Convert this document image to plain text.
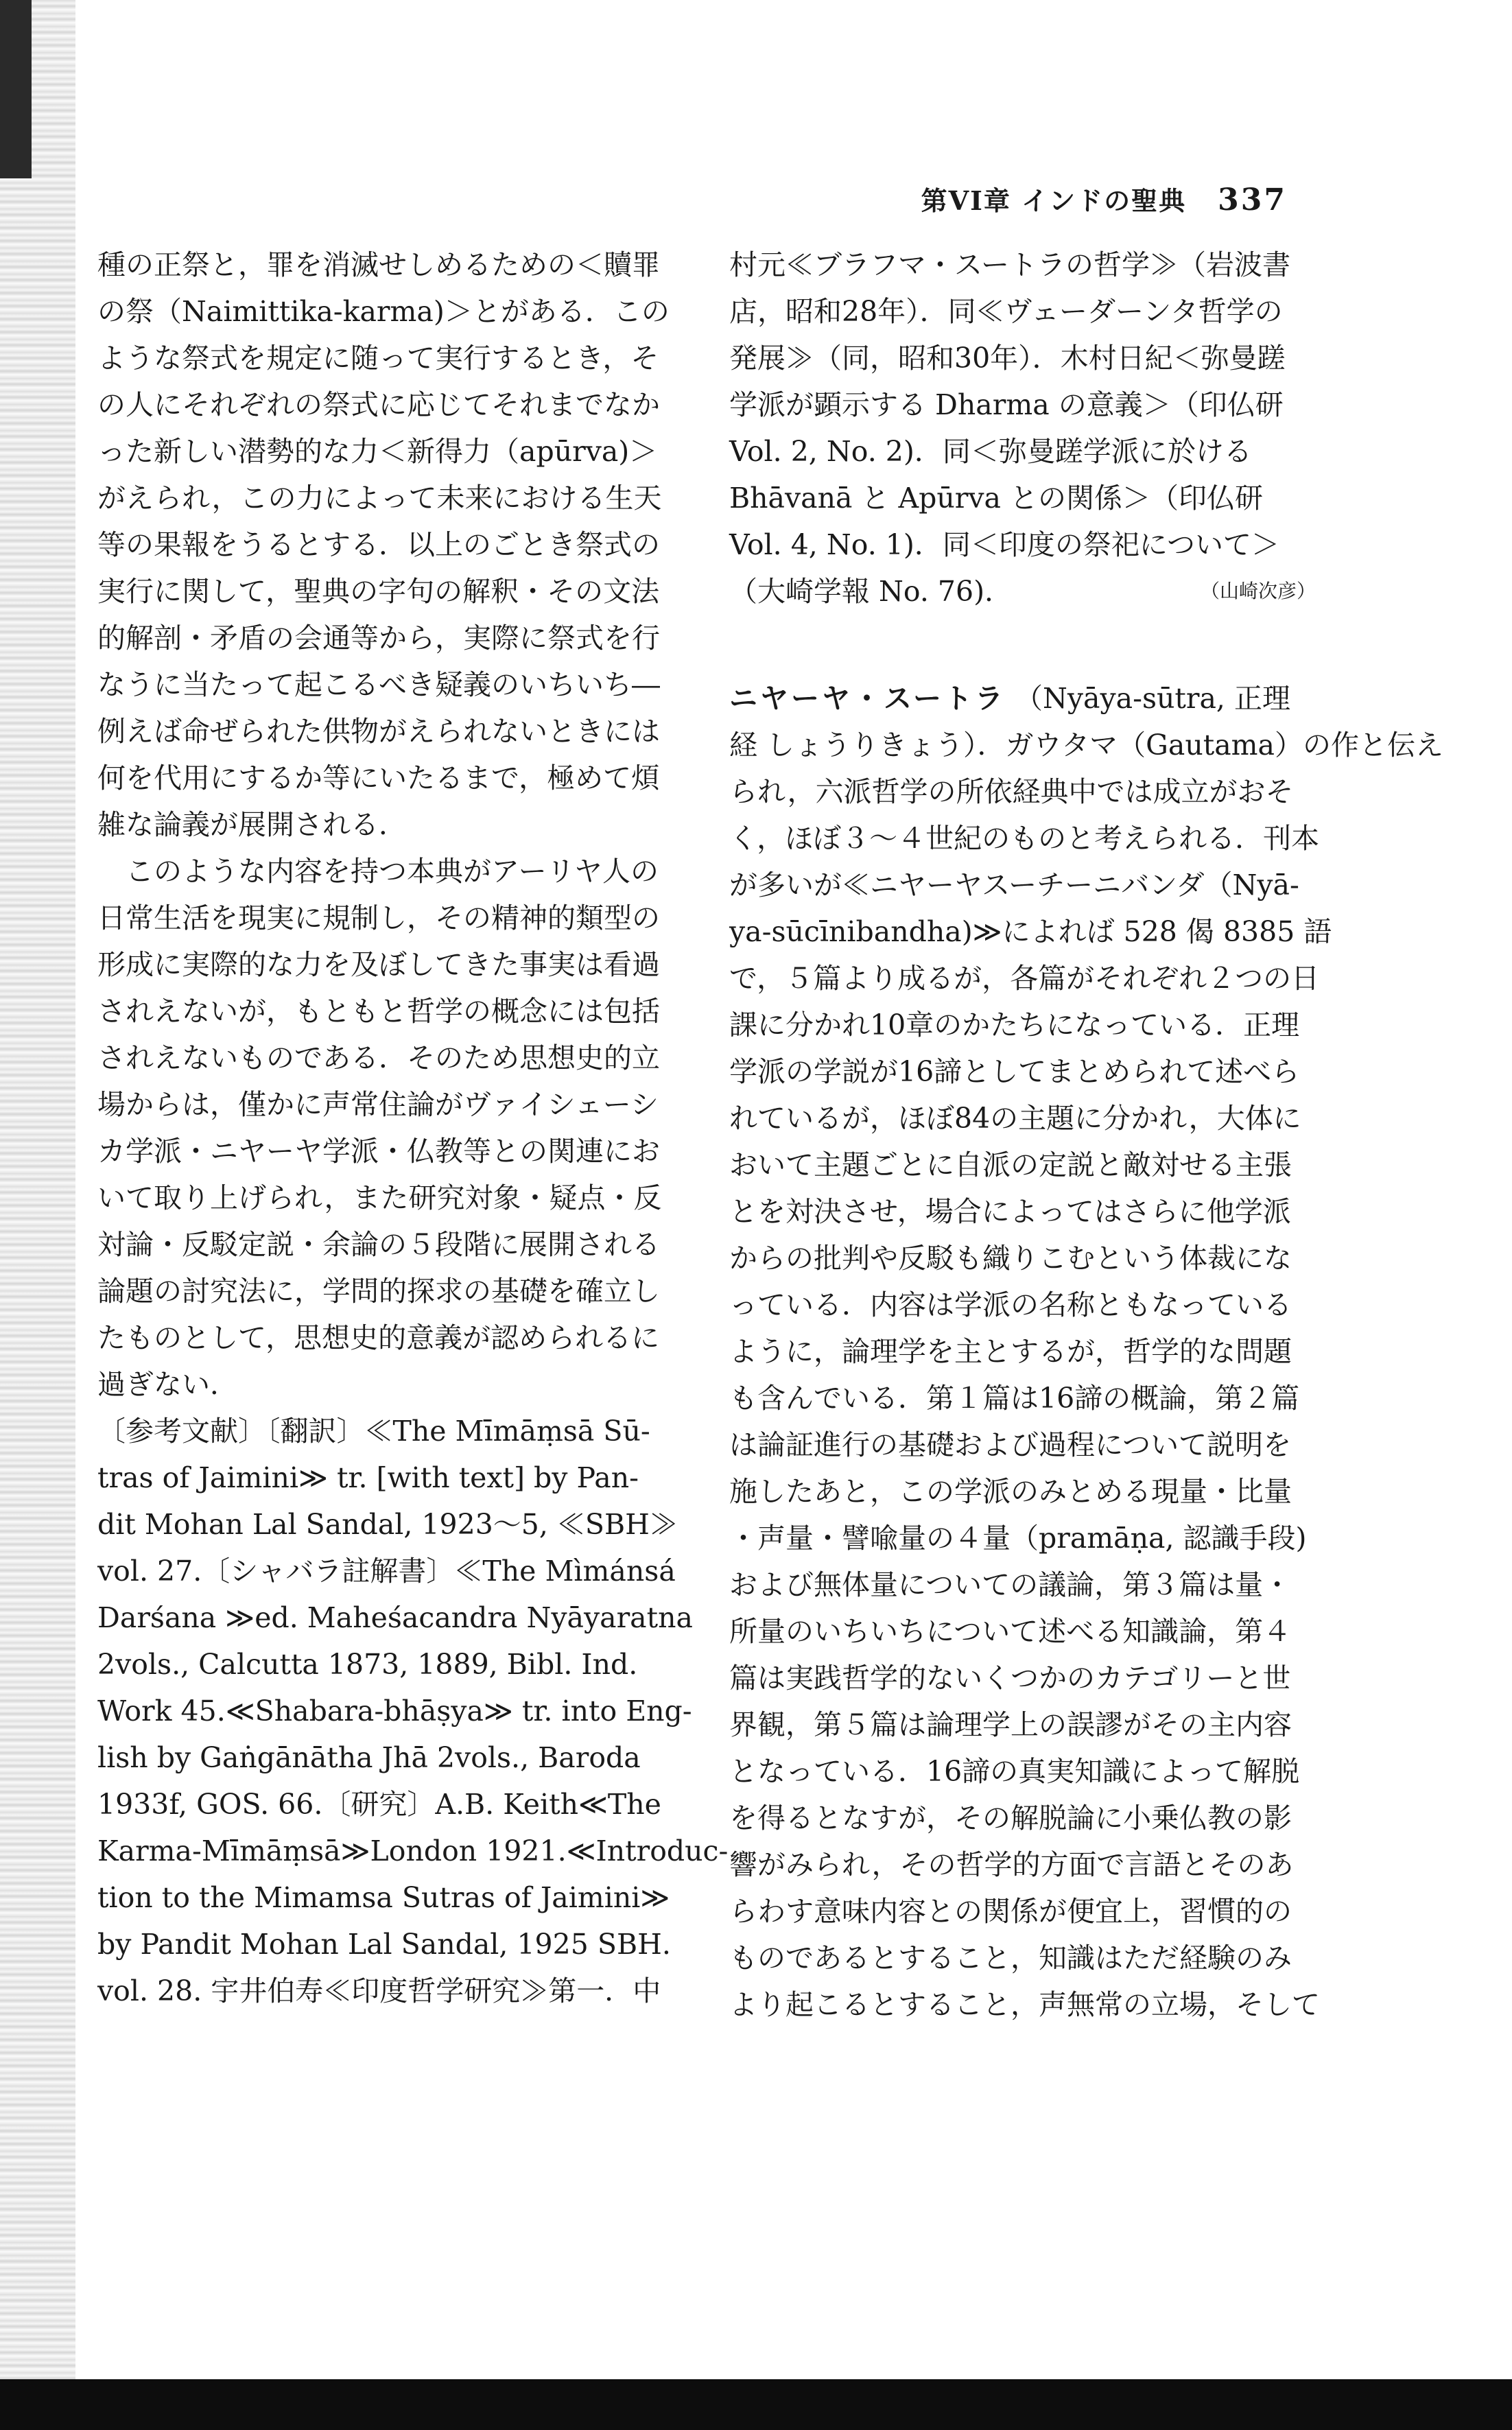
第VI章 インドの聖典 337
種の正祭と，罪を消滅せしめるための＜贖罪
の祭（Naimittika-karma)＞とがある．この
ような祭式を規定に随って実行するとき，そ
の人にそれぞれの祭式に応じてそれまでなか
った新しい潜勢的な力＜新得力（apūrva)＞
がえられ，この力によって未来における生天
等の果報をうるとする．以上のごとき祭式の
実行に関して，聖典の字句の解釈・その文法
的解剖・矛盾の会通等から，実際に祭式を行
なうに当たって起こるべき疑義のいちいち―
例えば命ぜられた供物がえられないときには
何を代用にするか等にいたるまで，極めて煩
雑な論義が展開される．
このような内容を持つ本典がアーリヤ人の
日常生活を現実に規制し，その精神的類型の
形成に実際的な力を及ぼしてきた事実は看過
されえないが，もともと哲学の概念には包括
されえないものである．そのため思想史的立
場からは，僅かに声常住論がヴァイシェーシ
カ学派・ニヤーヤ学派・仏教等との関連にお
いて取り上げられ，また研究対象・疑点・反
対論・反駁定説・余論の５段階に展開される
論題の討究法に，学問的探求の基礎を確立し
たものとして，思想史的意義が認められるに
過ぎない．
〔参考文献〕〔翻訳〕≪The Mīmāṃsā Sū-
tras of Jaimini≫ tr. [with text] by Pan-
dit Mohan Lal Sandal, 1923～5, ≪SBH≫
vol. 27.〔シャバラ註解書〕≪The Mìmánsá
Darśana ≫ed. Maheśacandra Nyāyaratna
2vols., Calcutta 1873, 1889, Bibl. Ind.
Work 45.≪Shabara-bhāṣya≫ tr. into Eng-
lish by Gaṅgānātha Jhā 2vols., Baroda
1933f, GOS. 66.〔研究〕A.B. Keith≪The
Karma-Mīmāṃsā≫London 1921.≪Introduc-
tion to the Mimamsa Sutras of Jaimini≫
by Pandit Mohan Lal Sandal, 1925 SBH.
vol. 28. 宇井伯寿≪印度哲学研究≫第一．中
村元≪ブラフマ・スートラの哲学≫（岩波書
店，昭和28年）．同≪ヴェーダーンタ哲学の
発展≫（同，昭和30年）．木村日紀＜弥曼蹉
学派が顕示する Dharma の意義＞（印仏研
Vol. 2, No. 2)．同＜弥曼蹉学派に於ける
Bhāvanā と Apūrva との関係＞（印仏研
Vol. 4, No. 1)．同＜印度の祭祀について＞
（大崎学報 No. 76)．	（山崎次彦）
ニヤーヤ・スートラ （Nyāya-sūtra, 正理
経 しょうりきょう）．ガウタマ（Gautama）の作と伝え
られ，六派哲学の所依経典中では成立がおそ
く，ほぼ３～４世紀のものと考えられる．刊本
が多いが≪ニヤーヤスーチーニバンダ（Nyā-
ya-sūcīnibandha)≫によれば 528 偈 8385 語
で，５篇より成るが，各篇がそれぞれ２つの日
課に分かれ10章のかたちになっている．正理
学派の学説が16諦としてまとめられて述べら
れているが，ほぼ84の主題に分かれ，大体に
おいて主題ごとに自派の定説と敵対せる主張
とを対決させ，場合によってはさらに他学派
からの批判や反駁も織りこむという体裁にな
っている．内容は学派の名称ともなっている
ように，論理学を主とするが，哲学的な問題
も含んでいる．第１篇は16諦の概論，第２篇
は論証進行の基礎および過程について説明を
施したあと，この学派のみとめる現量・比量
・声量・譬喩量の４量（pramāṇa, 認識手段)
および無体量についての議論，第３篇は量・
所量のいちいちについて述べる知識論，第４
篇は実践哲学的ないくつかのカテゴリーと世
界観，第５篇は論理学上の誤謬がその主内容
となっている．16諦の真実知識によって解脱
を得るとなすが，その解脱論に小乗仏教の影
響がみられ，その哲学的方面で言語とそのあ
らわす意味内容との関係が便宜上，習慣的の
ものであるとすること，知識はただ経験のみ
より起こるとすること，声無常の立場，そして
